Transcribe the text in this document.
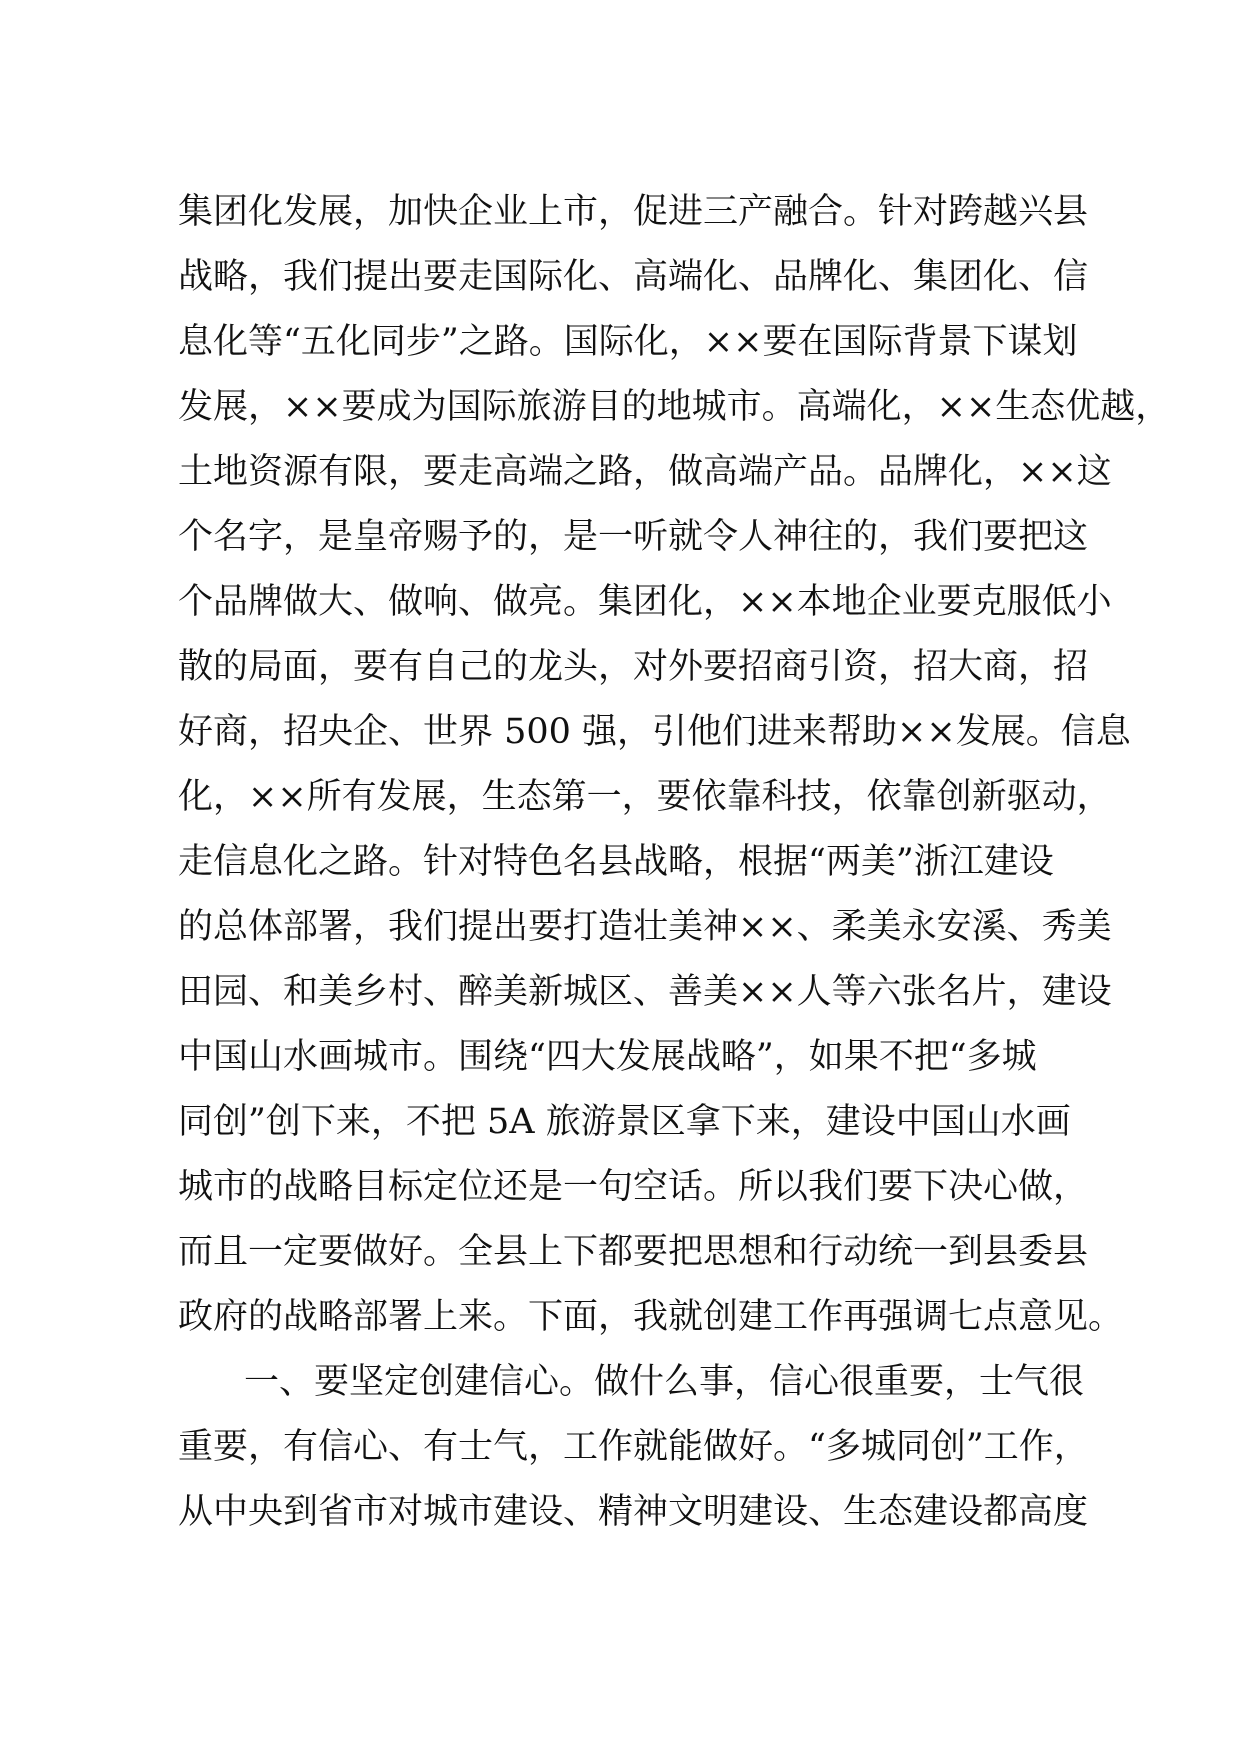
集团化发展，加快企业上市，促进三产融合。针对跨越兴县
战略，我们提出要走国际化、高端化、品牌化、集团化、信
息化等“五化同步”之路。国际化，××要在国际背景下谋划
发展，××要成为国际旅游目的地城市。高端化，××生态优越，
土地资源有限，要走高端之路，做高端产品。品牌化，××这
个名字，是皇帝赐予的，是一听就令人神往的，我们要把这
个品牌做大、做响、做亮。集团化，××本地企业要克服低小
散的局面，要有自己的龙头，对外要招商引资，招大商，招
好商，招央企、世界 500 强，引他们进来帮助××发展。信息
化，××所有发展，生态第一，要依靠科技，依靠创新驱动，
走信息化之路。针对特色名县战略，根据“两美”浙江建设
的总体部署，我们提出要打造壮美神××、柔美永安溪、秀美
田园、和美乡村、醉美新城区、善美××人等六张名片，建设
中国山水画城市。围绕“四大发展战略”，如果不把“多城
同创”创下来，不把 5A 旅游景区拿下来，建设中国山水画
城市的战略目标定位还是一句空话。所以我们要下决心做，
而且一定要做好。全县上下都要把思想和行动统一到县委县
政府的战略部署上来。下面，我就创建工作再强调七点意见。
一、要坚定创建信心。做什么事，信心很重要，士气很
重要，有信心、有士气，工作就能做好。“多城同创”工作，
从中央到省市对城市建设、精神文明建设、生态建设都高度
